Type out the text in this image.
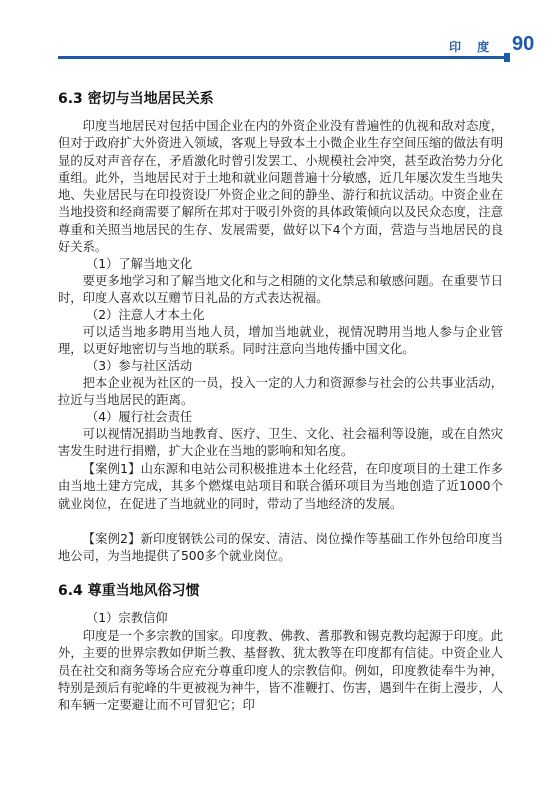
印 度 90
6.3 密切与当地居民关系

印度当地居民对包括中国企业在内的外资企业没有普遍性的仇视和敌对态度，但对于政府扩大外资进入领域，客观上导致本土小微企业生存空间压缩的做法有明显的反对声音存在，矛盾激化时曾引发罢工、小规模社会冲突，甚至政治势力分化重组。此外，当地居民对于土地和就业问题普遍十分敏感，近几年屡次发生当地失地、失业居民与在印投资设厂外资企业之间的静坐、游行和抗议活动。中资企业在当地投资和经商需要了解所在邦对于吸引外资的具体政策倾向以及民众态度，注意尊重和关照当地居民的生存、发展需要，做好以下4个方面，营造与当地居民的良好关系。

（1）了解当地文化

要更多地学习和了解当地文化和与之相随的文化禁忌和敏感问题。在重要节日时，印度人喜欢以互赠节日礼品的方式表达祝福。

（2）注意人才本土化

可以适当地多聘用当地人员，增加当地就业，视情况聘用当地人参与企业管理，以更好地密切与当地的联系。同时注意向当地传播中国文化。

（3）参与社区活动

把本企业视为社区的一员，投入一定的人力和资源参与社会的公共事业活动，拉近与当地居民的距离。

（4）履行社会责任

可以视情况捐助当地教育、医疗、卫生、文化、社会福利等设施，或在自然灾害发生时进行捐赠，扩大企业在当地的影响和知名度。

【案例1】山东源和电站公司积极推进本土化经营，在印度项目的土建工作多由当地土建方完成，其多个燃煤电站项目和联合循环项目为当地创造了近1000个就业岗位，在促进了当地就业的同时，带动了当地经济的发展。

【案例2】新印度钢铁公司的保安、清洁、岗位操作等基础工作外包给印度当地公司，为当地提供了500多个就业岗位。

6.4 尊重当地风俗习惯
（1）宗教信仰

印度是一个多宗教的国家。印度教、佛教、耆那教和锡克教均起源于印度。此外，主要的世界宗教如伊斯兰教、基督教、犹太教等在印度都有信徒。中资企业人员在社交和商务等场合应充分尊重印度人的宗教信仰。例如，印度教徒奉牛为神，特别是颈后有驼峰的牛更被视为神牛，皆不准鞭打、伤害，遇到牛在街上漫步，人和车辆一定要避让而不可冒犯它；印
